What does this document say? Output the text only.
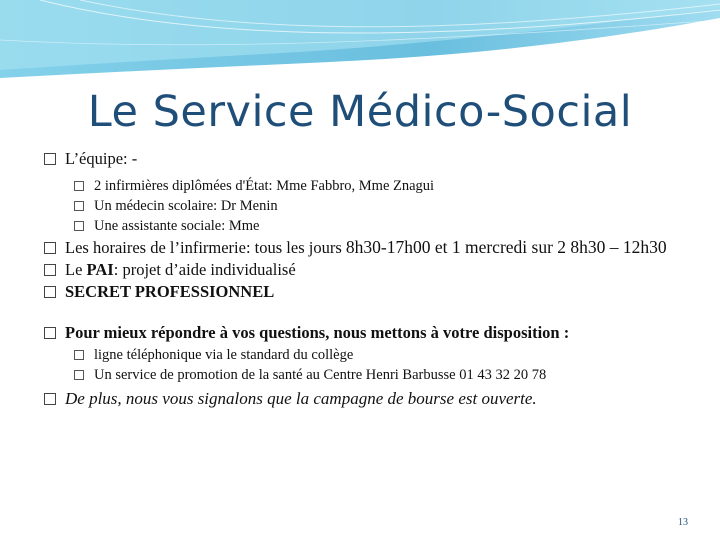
Le Service Médico-Social
L’équipe: -
2 infirmières diplômées d'État: Mme Fabbro, Mme Znagui
Un médecin scolaire: Dr Menin
Une assistante sociale: Mme
Les horaires de l’infirmerie: tous les jours 8h30-17h00 et 1 mercredi sur 2 8h30 – 12h30
Le PAI: projet d’aide individualisé
SECRET PROFESSIONNEL
Pour mieux répondre à vos questions, nous mettons à votre disposition :
ligne téléphonique via le standard du collège
Un service de promotion de la santé au Centre Henri Barbusse 01 43 32 20 78
De plus, nous vous signalons que la campagne de bourse est ouverte.
13
